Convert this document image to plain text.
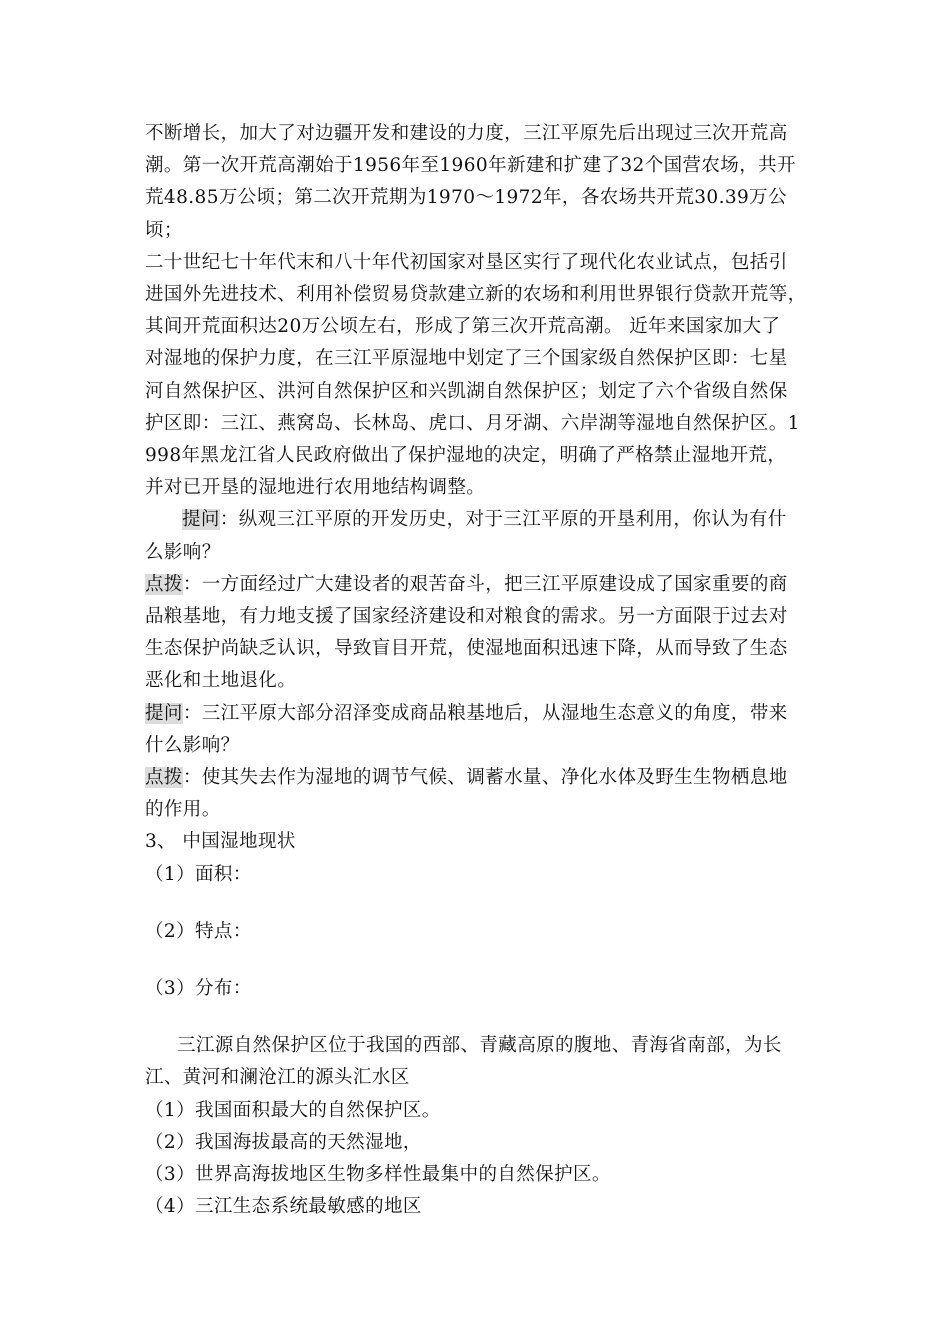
不断增长，加大了对边疆开发和建设的力度，三江平原先后出现过三次开荒高

潮。第一次开荒高潮始于1956年至1960年新建和扩建了32个国营农场，共开

荒48.85万公顷；第二次开荒期为1970～1972年，各农场共开荒30.39万公顷；

二十世纪七十年代末和八十年代初国家对垦区实行了现代化农业试点，包括引

进国外先进技术、利用补偿贸易贷款建立新的农场和利用世界银行贷款开荒等，

其间开荒面积达20万公顷左右，形成了第三次开荒高潮。 近年来国家加大了

对湿地的保护力度，在三江平原湿地中划定了三个国家级自然保护区即：七星

河自然保护区、洪河自然保护区和兴凯湖自然保护区；划定了六个省级自然保

护区即：三江、燕窝岛、长林岛、虎口、月牙湖、六岸湖等湿地自然保护区。1

998年黑龙江省人民政府做出了保护湿地的决定，明确了严格禁止湿地开荒，

并对已开垦的湿地进行农用地结构调整。

提问：纵观三江平原的开发历史，对于三江平原的开垦利用，你认为有什

么影响？

点拨：一方面经过广大建设者的艰苦奋斗，把三江平原建设成了国家重要的商

品粮基地，有力地支援了国家经济建设和对粮食的需求。另一方面限于过去对

生态保护尚缺乏认识，导致盲目开荒，使湿地面积迅速下降，从而导致了生态

恶化和土地退化。

提问：三江平原大部分沼泽变成商品粮基地后，从湿地生态意义的角度，带来

什么影响？

点拨：使其失去作为湿地的调节气候、调蓄水量、净化水体及野生生物栖息地

的作用。

3、 中国湿地现状

（1）面积：

（2）特点：

（3）分布：

三江源自然保护区位于我国的西部、青藏高原的腹地、青海省南部，为长

江、黄河和澜沧江的源头汇水区

（1）我国面积最大的自然保护区。

（2）我国海拔最高的天然湿地，

（3）世界高海拔地区生物多样性最集中的自然保护区。

（4）三江生态系统最敏感的地区
